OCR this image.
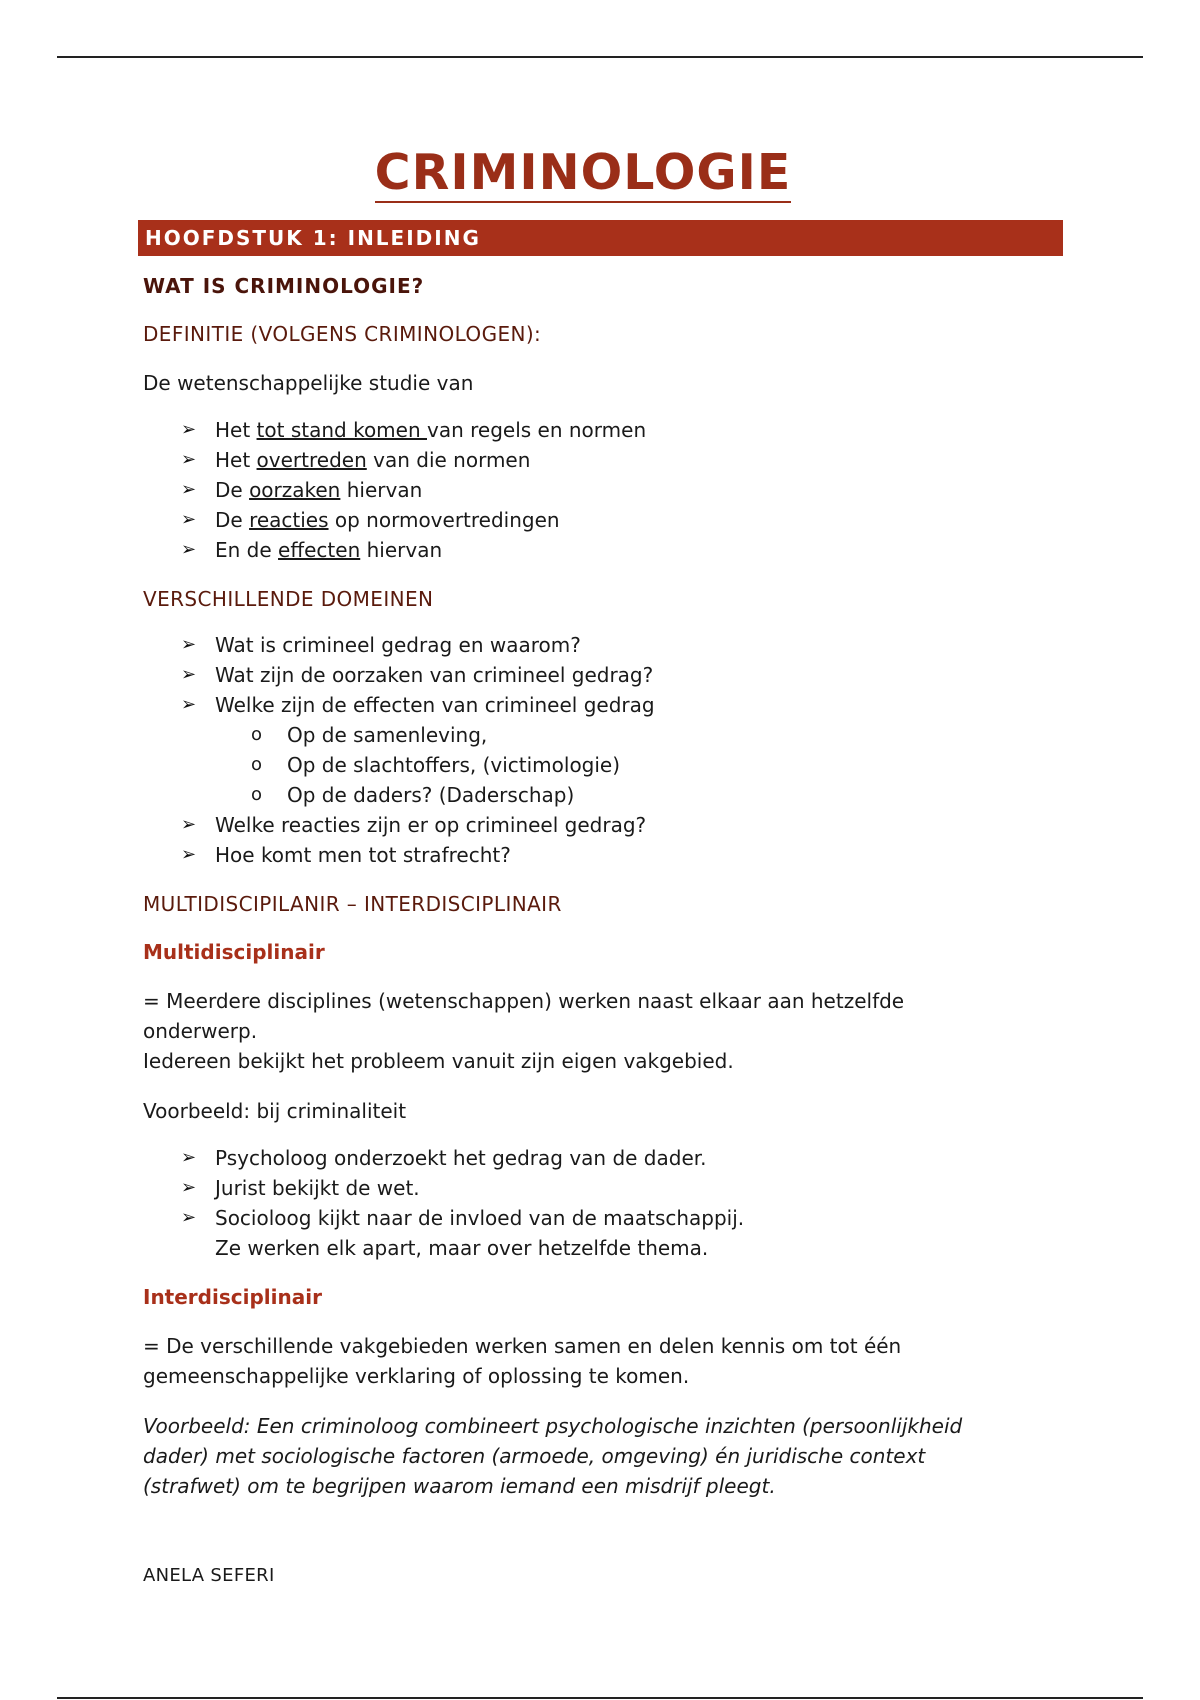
CRIMINOLOGIE
HOOFDSTUK 1: INLEIDING
WAT IS CRIMINOLOGIE?
DEFINITIE (VOLGENS CRIMINOLOGEN):

De wetenschappelijke studie van

➢ Het tot stand komen van regels en normen
➢ Het overtreden van die normen
➢ De oorzaken hiervan
➢ De reacties op normovertredingen
➢ En de effecten hiervan
VERSCHILLENDE DOMEINEN
➢ Wat is crimineel gedrag en waarom?
➢ Wat zijn de oorzaken van crimineel gedrag?
➢ Welke zijn de effecten van crimineel gedrag
o Op de samenleving,
o Op de slachtoffers, (victimologie)
o Op de daders? (Daderschap)
➢ Welke reacties zijn er op crimineel gedrag?
➢ Hoe komt men tot strafrecht?
MULTIDISCIPILANIR – INTERDISCIPLINAIR
Multidisciplinair

= Meerdere disciplines (wetenschappen) werken naast elkaar aan hetzelfde
onderwerp.
Iedereen bekijkt het probleem vanuit zijn eigen vakgebied.

Voorbeeld: bij criminaliteit

➢ Psycholoog onderzoekt het gedrag van de dader.
➢ Jurist bekijkt de wet.
➢ Socioloog kijkt naar de invloed van de maatschappij.
Ze werken elk apart, maar over hetzelfde thema.
Interdisciplinair

= De verschillende vakgebieden werken samen en delen kennis om tot één
gemeenschappelijke verklaring of oplossing te komen.

Voorbeeld: Een criminoloog combineert psychologische inzichten (persoonlijkheid
dader) met sociologische factoren (armoede, omgeving) én juridische context
(strafwet) om te begrijpen waarom iemand een misdrijf pleegt.

ANELA SEFERI
